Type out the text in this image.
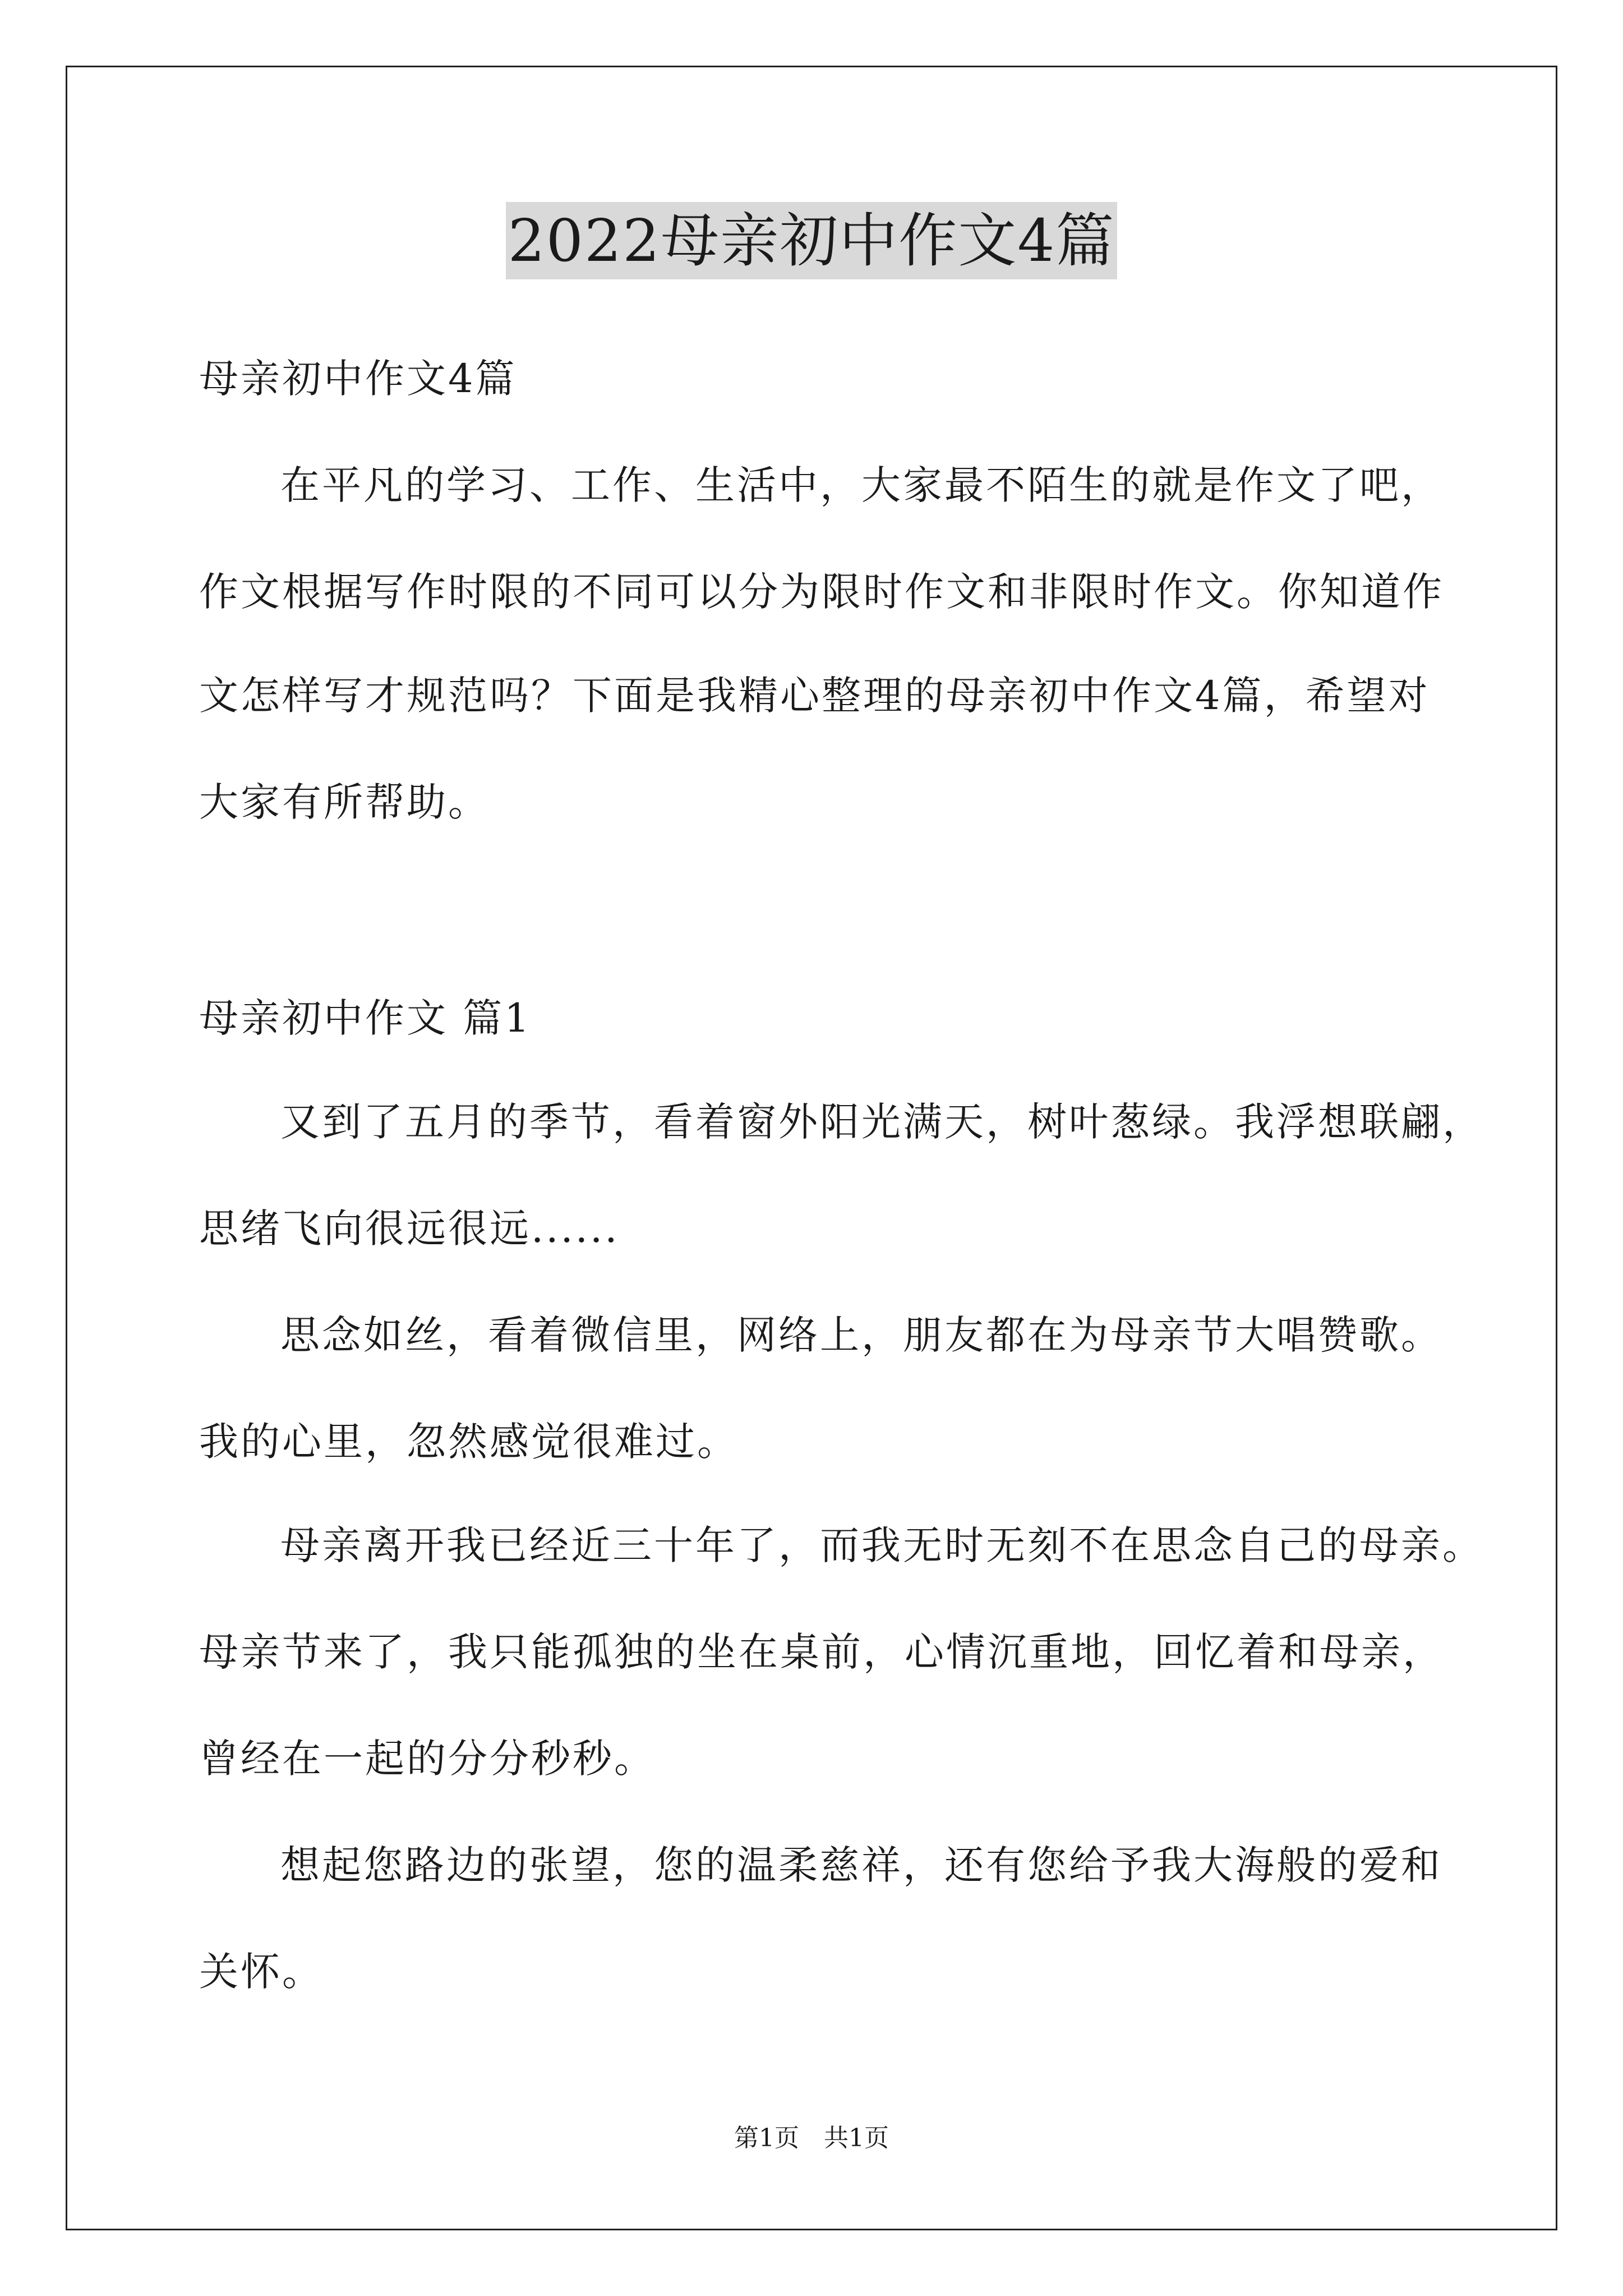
2022母亲初中作文4篇
母亲初中作文4篇
在平凡的学习、工作、生活中，大家最不陌生的就是作文了吧，
作文根据写作时限的不同可以分为限时作文和非限时作文。你知道作
文怎样写才规范吗？下面是我精心整理的母亲初中作文4篇，希望对
大家有所帮助。
母亲初中作文 篇1
又到了五月的季节，看着窗外阳光满天，树叶葱绿。我浮想联翩，
思绪飞向很远很远......
思念如丝，看着微信里，网络上，朋友都在为母亲节大唱赞歌。
我的心里，忽然感觉很难过。
母亲离开我已经近三十年了，而我无时无刻不在思念自己的母亲。
母亲节来了，我只能孤独的坐在桌前，心情沉重地，回忆着和母亲，
曾经在一起的分分秒秒。
想起您路边的张望，您的温柔慈祥，还有您给予我大海般的爱和
关怀。
第1页　共1页
